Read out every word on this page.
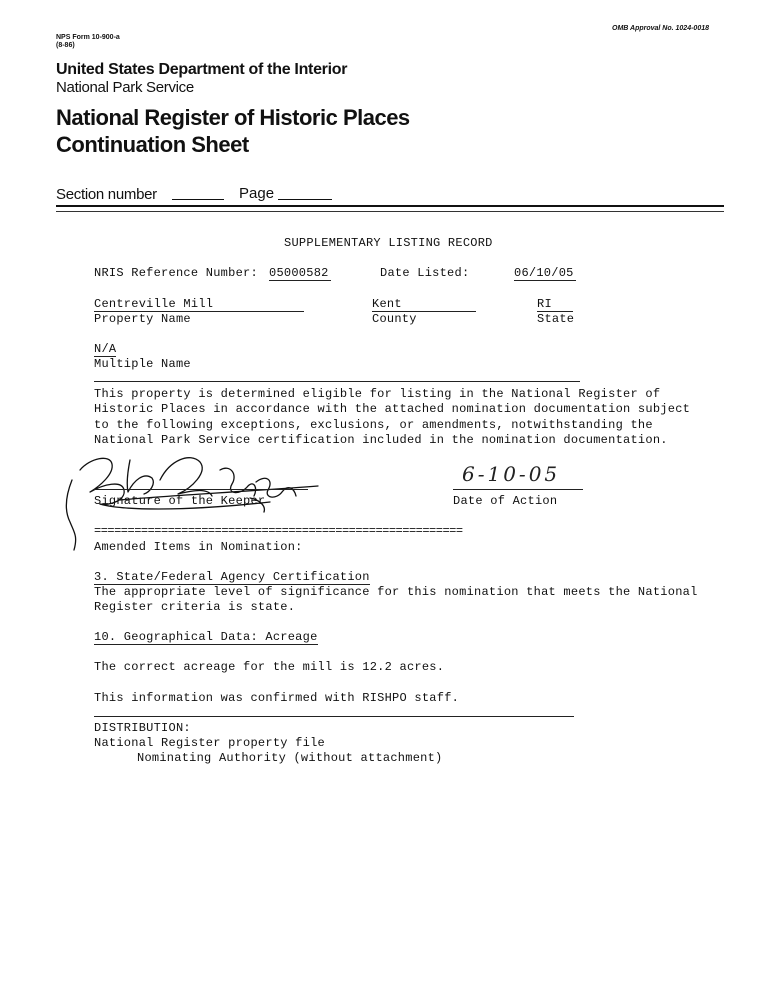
NPS Form 10-900-a
(8-86)
OMB Approval No. 1024-0018
United States Department of the Interior
National Park Service
National Register of Historic Places
Continuation Sheet
Section number	Page
SUPPLEMENTARY LISTING RECORD
NRIS Reference Number: 05000582	Date Listed:	06/10/05
Centreville Mill
Property Name
Kent
County
RI
State
N/A
Multiple Name
This property is determined eligible for listing in the National Register of
Historic Places in accordance with the attached nomination documentation subject
to the following exceptions, exclusions, or amendments, notwithstanding the
National Park Service certification included in the nomination documentation.
Signature of the Keeper
6-10-05
Date of Action
=======================================================
Amended Items in Nomination:
3. State/Federal Agency Certification
The appropriate level of significance for this nomination that meets the National
Register criteria is state.
10. Geographical Data: Acreage
The correct acreage for the mill is 12.2 acres.
This information was confirmed with RISHPO staff.
DISTRIBUTION:
National Register property file
Nominating Authority (without attachment)
